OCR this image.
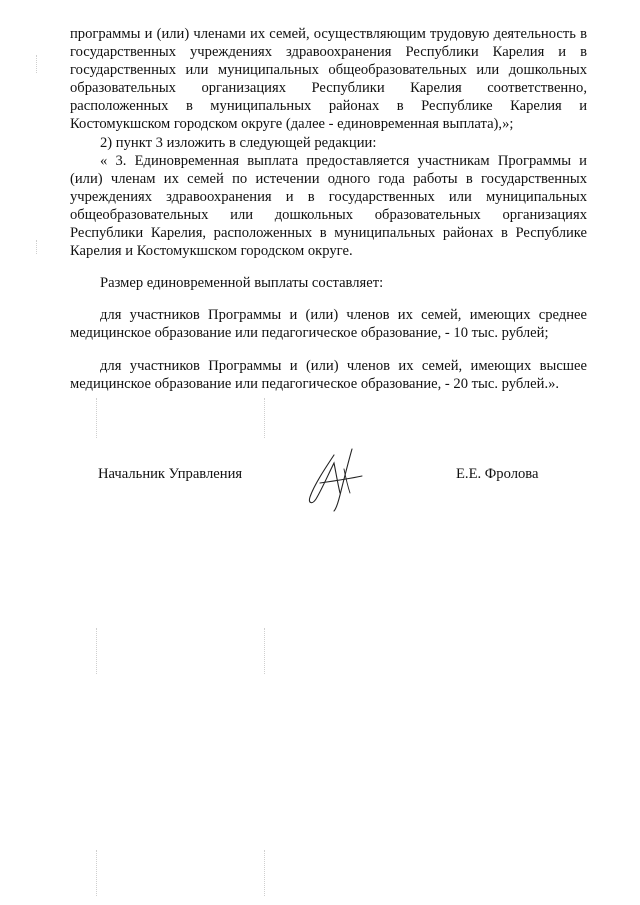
программы и (или) членами их семей, осуществляющим трудовую деятельность в государственных учреждениях здравоохранения Республики Карелия и в государственных или муниципальных общеобразовательных или дошкольных образовательных организациях Республики Карелия соответственно, расположенных в муниципальных районах в Республике Карелия и Костомукшском городском округе (далее - единовременная выплата),»;

2) пункт 3 изложить в следующей редакции:

« 3. Единовременная выплата предоставляется участникам Программы и (или) членам их семей по истечении одного года работы в государственных учреждениях здравоохранения и в государственных или муниципальных общеобразовательных или дошкольных образовательных организациях Республики Карелия, расположенных в муниципальных районах в Республике Карелия и Костомукшском городском округе.

Размер единовременной выплаты составляет:

для участников Программы и (или) членов их семей, имеющих среднее медицинское образование или педагогическое образование, - 10 тыс. рублей;

для участников Программы и (или) членов их семей, имеющих высшее медицинское образование или педагогическое образование, - 20 тыс. рублей.».

Начальник Управления	Е.Е. Фролова
